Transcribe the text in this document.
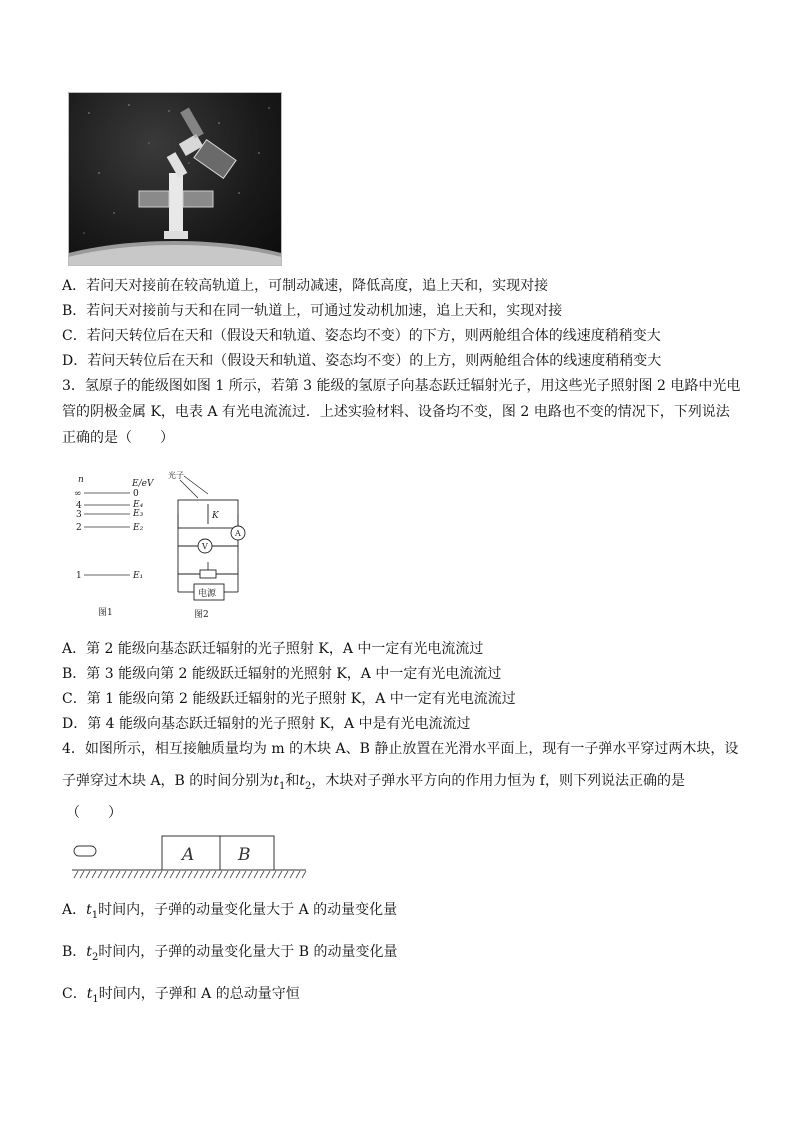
A．若问天对接前在较高轨道上，可制动减速，降低高度，追上天和，实现对接
B．若问天对接前与天和在同一轨道上，可通过发动机加速，追上天和，实现对接
C．若问天转位后在天和（假设天和轨道、姿态均不变）的下方，则两舱组合体的线速度稍稍变大
D．若问天转位后在天和（假设天和轨道、姿态均不变）的上方，则两舱组合体的线速度稍稍变大
3．氢原子的能级图如图 1 所示，若第 3 能级的氢原子向基态跃迁辐射光子，用这些光子照射图 2 电路中光电
管的阴极金属 K，电表 A 有光电流流过．上述实验材料、设备均不变，图 2 电路也不变的情况下，下列说法
正确的是（　　）
n	E/eV
∞
4
3
2
1
0
E₄
E₃
E₂
E₁
图1
光子
K
A
V
电源
图2
A．第 2 能级向基态跃迁辐射的光子照射 K，A 中一定有光电流流过
B．第 3 能级向第 2 能级跃迁辐射的光照射 K，A 中一定有光电流流过
C．第 1 能级向第 2 能级跃迁辐射的光子照射 K，A 中一定有光电流流过
D．第 4 能级向基态跃迁辐射的光子照射 K，A 中是有光电流流过
4．如图所示，相互接触质量均为 m 的木块 A、B 静止放置在光滑水平面上，现有一子弹水平穿过两木块，设
子弹穿过木块 A，B 的时间分别为$t_1$和$t_2$，木块对子弹水平方向的作用力恒为 f，则下列说法正确的是
（　　）
A	B
A．$t_1$时间内，子弹的动量变化量大于 A 的动量变化量
B．$t_2$时间内，子弹的动量变化量大于 B 的动量变化量
C．$t_1$时间内，子弹和 A 的总动量守恒
